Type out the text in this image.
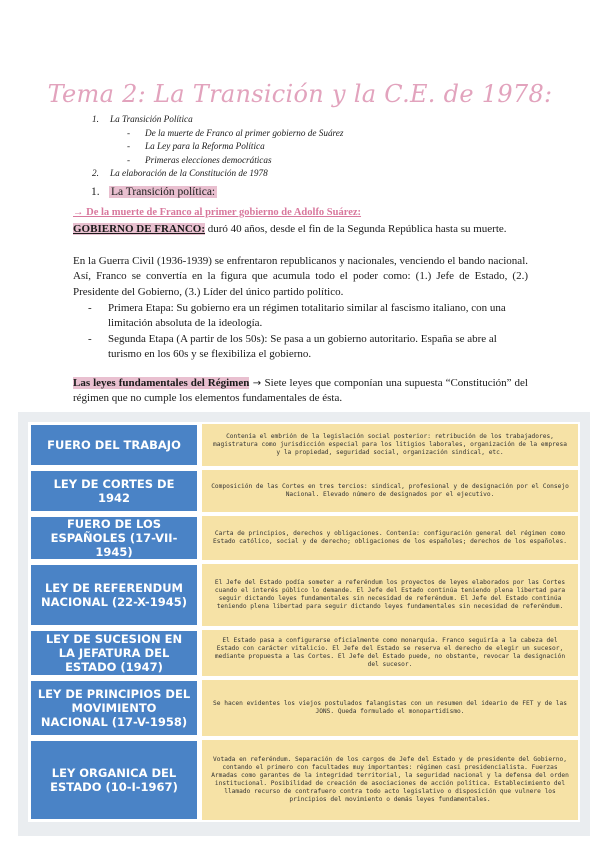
Tema 2: La Transición y la C.E. de 1978:
1.	La Transición Política
-	De la muerte de Franco al primer gobierno de Suárez
-	La Ley para la Reforma Política
-	Primeras elecciones democráticas
2.	La elaboración de la Constitución de 1978
1. La Transición política:
→ De la muerte de Franco al primer gobierno de Adolfo Suárez:
GOBIERNO DE FRANCO: duró 40 años, desde el fin de la Segunda República hasta su muerte.
En la Guerra Civil (1936-1939) se enfrentaron republicanos y nacionales, venciendo el bando nacional. Así, Franco se convertía en la figura que acumula todo el poder como: (1.) Jefe de Estado, (2.) Presidente del Gobierno, (3.) Líder del único partido político.
-	Primera Etapa: Su gobierno era un régimen totalitario similar al fascismo italiano, con una limitación absoluta de la ideología.
-	Segunda Etapa (A partir de los 50s): Se pasa a un gobierno autoritario. España se abre al turismo en los 60s y se flexibiliza el gobierno.
Las leyes fundamentales del Régimen → Siete leyes que componían una supuesta “Constitución” del régimen que no cumple los elementos fundamentales de ésta.
FUERO DEL TRABAJO
Contenía el embrión de la legislación social posterior: retribución de los trabajadores, magistratura como jurisdicción especial para los litigios laborales, organización de la empresa y la propiedad, seguridad social, organización sindical, etc.
LEY DE CORTES DE 1942
Composición de las Cortes en tres tercios: sindical, profesional y de designación por el Consejo Nacional. Elevado número de designados por el ejecutivo.
FUERO DE LOS ESPAÑOLES (17-VII-1945)
Carta de principios, derechos y obligaciones. Contenía: configuración general del régimen como Estado católico, social y de derecho; obligaciones de los españoles; derechos de los españoles.
LEY DE REFERENDUM NACIONAL (22-X-1945)
El Jefe del Estado podía someter a referéndum los proyectos de leyes elaborados por las Cortes cuando el interés público lo demande. El Jefe del Estado continúa teniendo plena libertad para seguir dictando leyes fundamentales sin necesidad de referéndum. El Jefe del Estado continúa teniendo plena libertad para seguir dictando leyes fundamentales sin necesidad de referéndum.
LEY DE SUCESION EN LA JEFATURA DEL ESTADO (1947)
El Estado pasa a configurarse oficialmente como monarquía. Franco seguiría a la cabeza del Estado con carácter vitalicio. El Jefe del Estado se reserva el derecho de elegir un sucesor, mediante propuesta a las Cortes. El Jefe del Estado puede, no obstante, revocar la designación del sucesor.
LEY DE PRINCIPIOS DEL MOVIMIENTO NACIONAL (17-V-1958)
Se hacen evidentes los viejos postulados falangistas con un resumen del ideario de FET y de las JONS. Queda formulado el monopartidismo.
LEY ORGANICA DEL ESTADO (10-I-1967)
Votada en referéndum. Separación de los cargos de Jefe del Estado y de presidente del Gobierno, contando el primero con facultades muy importantes: régimen casi presidencialista. Fuerzas Armadas como garantes de la integridad territorial, la seguridad nacional y la defensa del orden institucional. Posibilidad de creación de asociaciones de acción política. Establecimiento del llamado recurso de contrafuero contra todo acto legislativo o disposición que vulnere los principios del movimiento o demás leyes fundamentales.
